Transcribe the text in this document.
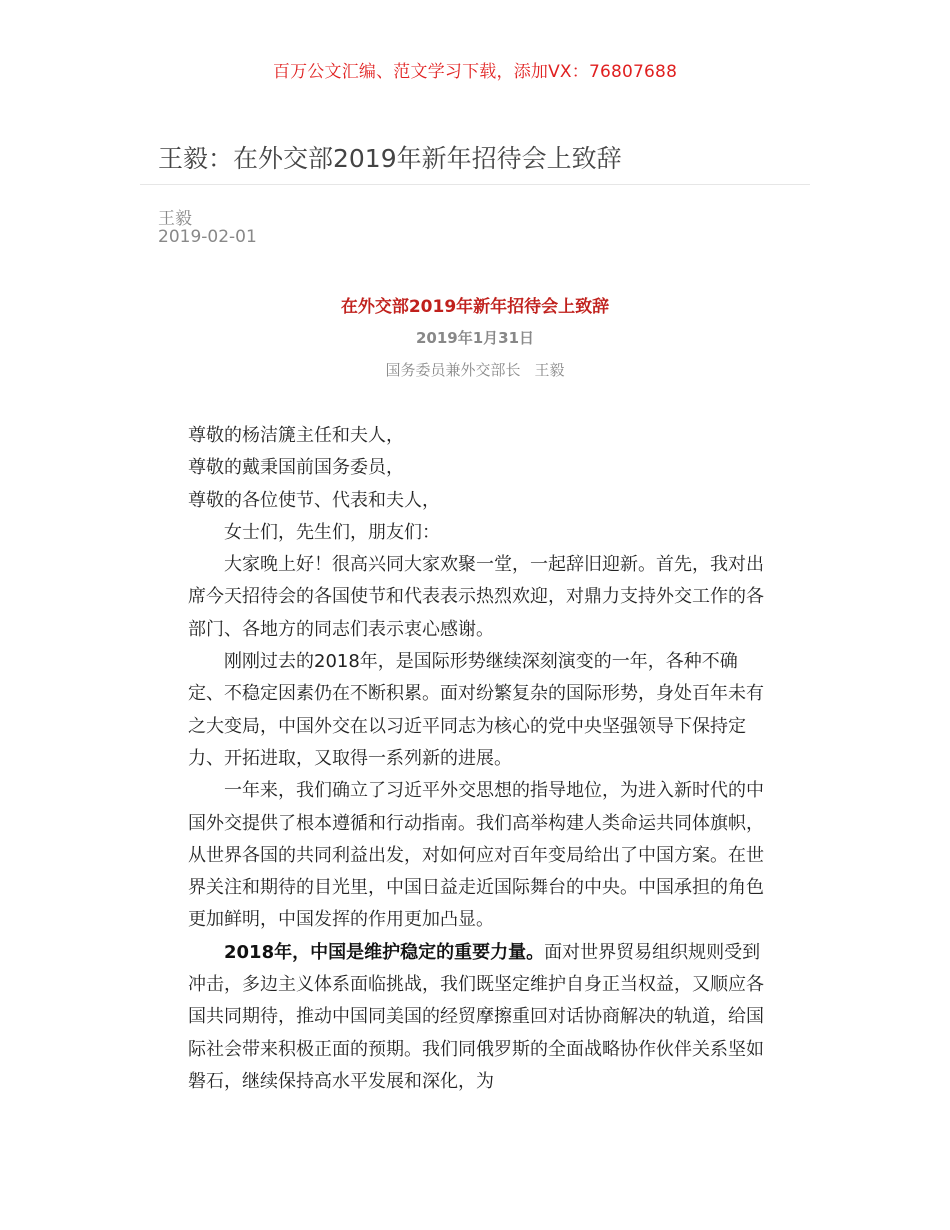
百万公文汇编、范文学习下载，添加VX：76807688
王毅：在外交部2019年新年招待会上致辞
王毅
2019-02-01
在外交部2019年新年招待会上致辞
2019年1月31日
国务委员兼外交部长 王毅

尊敬的杨洁篪主任和夫人，

尊敬的戴秉国前国务委员，

尊敬的各位使节、代表和夫人，

女士们，先生们，朋友们：

大家晚上好！很高兴同大家欢聚一堂，一起辞旧迎新。首先，我对出席今天招待会的各国使节和代表表示热烈欢迎，对鼎力支持外交工作的各部门、各地方的同志们表示衷心感谢。

刚刚过去的2018年，是国际形势继续深刻演变的一年，各种不确定、不稳定因素仍在不断积累。面对纷繁复杂的国际形势，身处百年未有之大变局，中国外交在以习近平同志为核心的党中央坚强领导下保持定力、开拓进取，又取得一系列新的进展。

一年来，我们确立了习近平外交思想的指导地位，为进入新时代的中国外交提供了根本遵循和行动指南。我们高举构建人类命运共同体旗帜，从世界各国的共同利益出发，对如何应对百年变局给出了中国方案。在世界关注和期待的目光里，中国日益走近国际舞台的中央。中国承担的角色更加鲜明，中国发挥的作用更加凸显。

2018年，中国是维护稳定的重要力量。面对世界贸易组织规则受到冲击，多边主义体系面临挑战，我们既坚定维护自身正当权益，又顺应各国共同期待，推动中国同美国的经贸摩擦重回对话协商解决的轨道，给国际社会带来积极正面的预期。我们同俄罗斯的全面战略协作伙伴关系坚如磐石，继续保持高水平发展和深化，为
